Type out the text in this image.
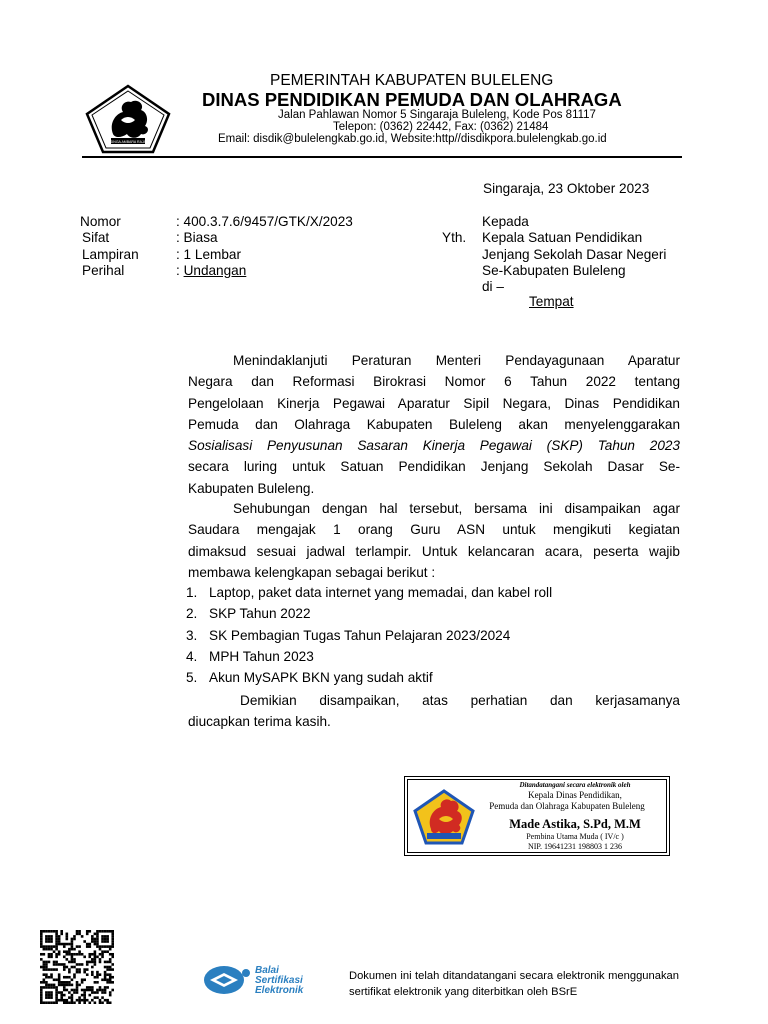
SINGA AMBARA RAJA
PEMERINTAH KABUPATEN BULELENG
DINAS PENDIDIKAN PEMUDA DAN OLAHRAGA
Jalan Pahlawan Nomor 5 Singaraja Buleleng, Kode Pos 81117
Telepon: (0362) 22442, Fax: (0362) 21484
Email: disdik@bulelengkab.go.id, Website:http//disdikpora.bulelengkab.go.id
Singaraja, 23 Oktober 2023
Nomor	: 400.3.7.6/9457/GTK/X/2023
Sifat	: Biasa
Lampiran	: 1 Lembar
Perihal	: Undangan
Yth.
Kepada
Kepala Satuan Pendidikan
Jenjang Sekolah Dasar Negeri
Se-Kabupaten Buleleng
di –
Tempat
Menindaklanjuti Peraturan Menteri Pendayagunaan Aparatur
Negara dan Reformasi Birokrasi Nomor 6 Tahun 2022 tentang
Pengelolaan Kinerja Pegawai Aparatur Sipil Negara, Dinas Pendidikan
Pemuda dan Olahraga Kabupaten Buleleng akan menyelenggarakan
Sosialisasi Penyusunan Sasaran Kinerja Pegawai (SKP) Tahun 2023
secara luring untuk Satuan Pendidikan Jenjang Sekolah Dasar Se-
Kabupaten Buleleng.
Sehubungan dengan hal tersebut, bersama ini disampaikan agar
Saudara mengajak 1 orang Guru ASN untuk mengikuti kegiatan
dimaksud sesuai jadwal terlampir. Untuk kelancaran acara, peserta wajib
membawa kelengkapan sebagai berikut :
1. Laptop, paket data internet yang memadai, dan kabel roll
2. SKP Tahun 2022
3. SK Pembagian Tugas Tahun Pelajaran 2023/2024
4. MPH Tahun 2023
5. Akun MySAPK BKN yang sudah aktif
Demikian disampaikan, atas perhatian dan kerjasamanya
diucapkan terima kasih.
Ditandatangani secara elektronik oleh
Kepala Dinas Pendidikan,
Pemuda dan Olahraga Kabupaten Buleleng
Made Astika, S.Pd, M.M
Pembina Utama Muda ( IV/c )
NIP. 19641231 198803 1 236
Balai
Sertifikasi
Elektronik
Dokumen ini telah ditandatangani secara elektronik menggunakan sertifikat elektronik yang diterbitkan oleh BSrE
